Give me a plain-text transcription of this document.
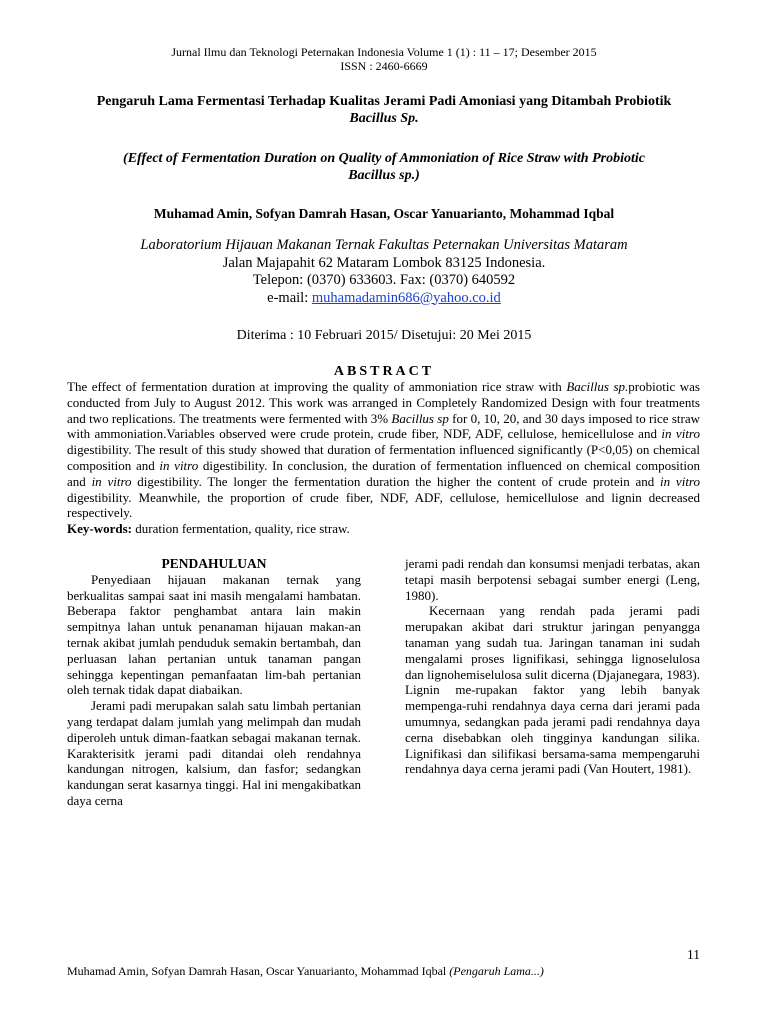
Jurnal Ilmu dan Teknologi Peternakan Indonesia Volume 1 (1) : 11 – 17; Desember 2015
ISSN : 2460-6669
Pengaruh Lama Fermentasi Terhadap Kualitas Jerami Padi Amoniasi yang Ditambah Probiotik
Bacillus Sp.
(Effect of Fermentation Duration on Quality of Ammoniation of Rice Straw with Probiotic
Bacillus sp.)
Muhamad Amin, Sofyan Damrah Hasan, Oscar Yanuarianto, Mohammad Iqbal
Laboratorium Hijauan Makanan Ternak Fakultas Peternakan Universitas Mataram
Jalan Majapahit 62 Mataram Lombok 83125 Indonesia.
Telepon: (0370) 633603. Fax: (0370) 640592
e-mail: muhamadamin686@yahoo.co.id
Diterima : 10 Februari 2015/ Disetujui: 20 Mei 2015
ABSTRACT

The effect of fermentation duration at improving the quality of ammoniation rice straw with Bacillus sp.probiotic was conducted from July to August 2012. This work was arranged in Completely Randomized Design with four treatments and two replications. The treatments were fermented with 3% Bacillus sp for 0, 10, 20, and 30 days imposed to rice straw with ammoniation.Variables observed were crude protein, crude fiber, NDF, ADF, cellulose, hemicellulose and in vitro digestibility. The result of this study showed that duration of fermentation influenced significantly (P<0,05) on chemical composition and in vitro digestibility. In conclusion, the duration of fermentation influenced on chemical composition and in vitro digestibility. The longer the fermentation duration the higher the content of crude protein and in vitro digestibility. Meanwhile, the proportion of crude fiber, NDF, ADF, cellulose, hemicellulose and lignin decreased respectively.

Key-words: duration fermentation, quality, rice straw.

PENDAHULUAN

Penyediaan hijauan makanan ternak yang berkualitas sampai saat ini masih mengalami hambatan. Beberapa faktor penghambat antara lain makin sempitnya lahan untuk penanaman hijauan makan-an ternak akibat jumlah penduduk semakin bertambah, dan perluasan lahan pertanian untuk tanaman pangan sehingga kepentingan pemanfaatan lim-bah pertanian oleh ternak tidak dapat diabaikan.

Jerami padi merupakan salah satu limbah pertanian yang terdapat dalam jumlah yang melimpah dan mudah diperoleh untuk diman-faatkan sebagai makanan ternak. Karakterisitk jerami padi ditandai oleh rendahnya kandungan nitrogen, kalsium, dan fasfor; sedangkan kandungan serat kasarnya tinggi. Hal ini mengakibatkan daya cerna

jerami padi rendah dan konsumsi menjadi terbatas, akan tetapi masih berpotensi sebagai sumber energi (Leng, 1980).

Kecernaan yang rendah pada jerami padi merupakan akibat dari struktur jaringan penyangga tanaman yang sudah tua. Jaringan tanaman ini sudah mengalami proses lignifikasi, sehingga lignoselulosa dan lignohemiselulosa sulit dicerna (Djajanegara, 1983). Lignin me-rupakan faktor yang lebih banyak mempenga-ruhi rendahnya daya cerna dari jerami pada umumnya, sedangkan pada jerami padi rendahnya daya cerna disebabkan oleh tingginya kandungan silika. Lignifikasi dan silifikasi bersama-sama mempengaruhi rendahnya daya cerna jerami padi (Van Houtert, 1981).

11
Muhamad Amin, Sofyan Damrah Hasan, Oscar Yanuarianto, Mohammad Iqbal (Pengaruh Lama...)
